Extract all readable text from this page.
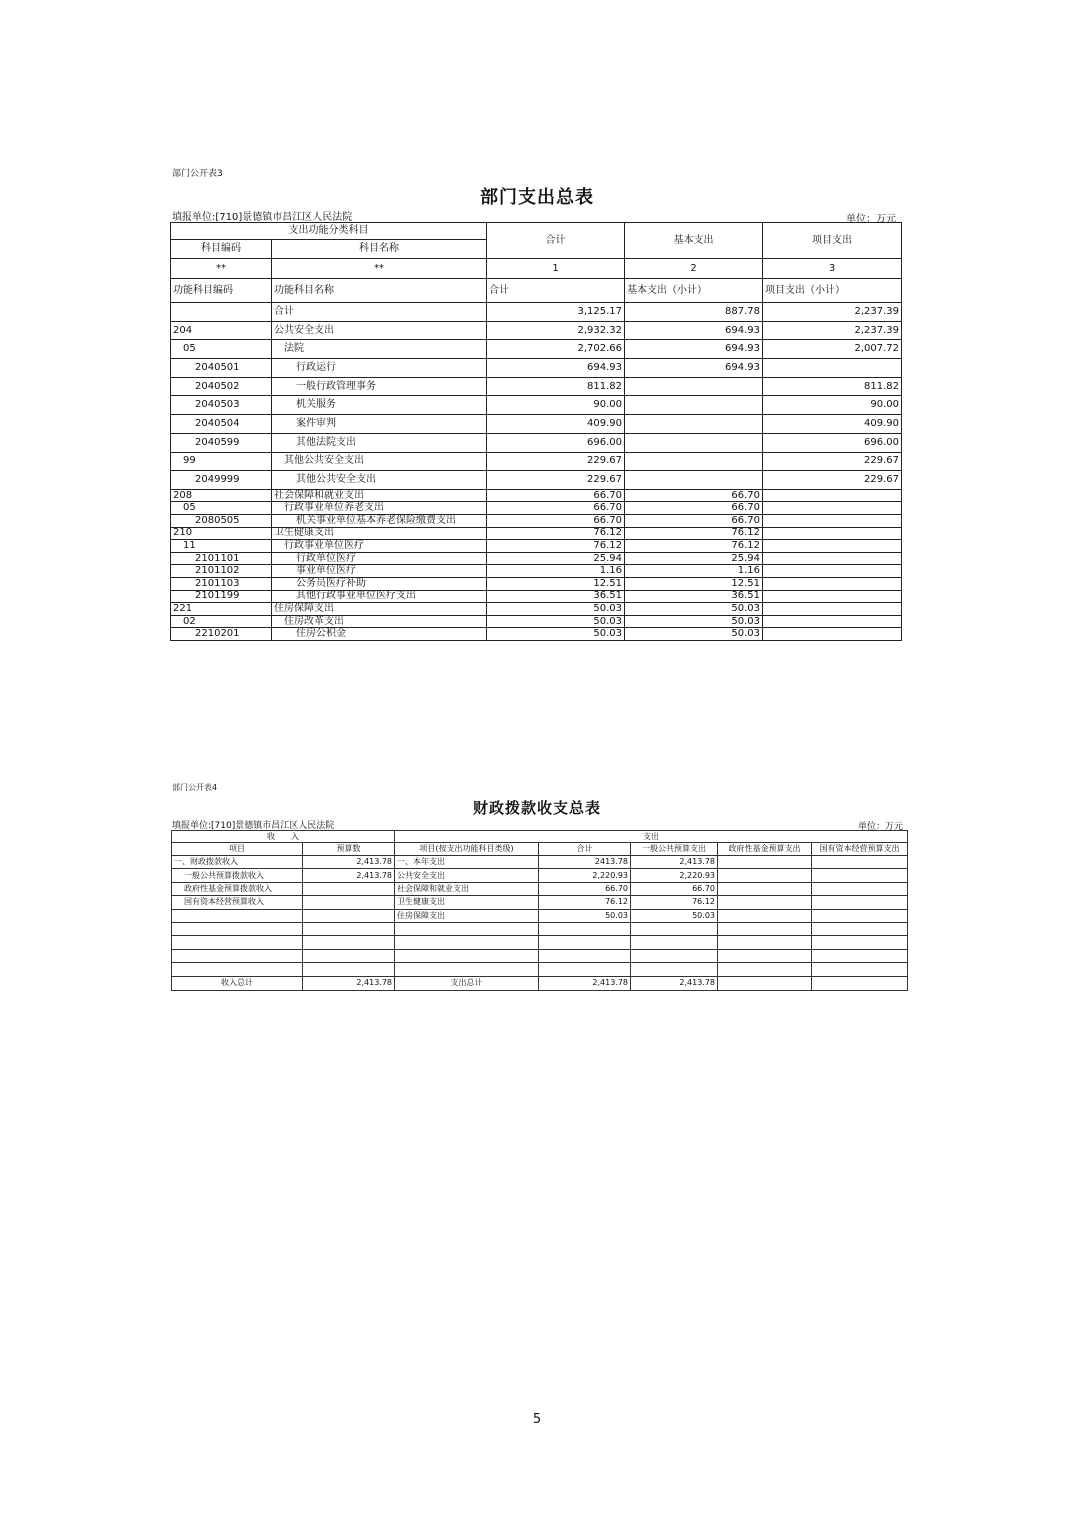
部门公开表3
部门支出总表
填报单位:[710]景德镇市昌江区人民法院	单位：万元
支出功能分类科目		合计	基本支出	项目支出
科目编码	科目名称			
**	**	1	2	3
功能科目编码	功能科目名称	合计	基本支出（小计）	项目支出（小计）
	合计	3,125.17	887.78	2,237.39
204	公共安全支出	2,932.32	694.93	2,237.39
05	法院	2,702.66	694.93	2,007.72
2040501	行政运行	694.93	694.93	
2040502	一般行政管理事务	811.82		811.82
2040503	机关服务	90.00		90.00
2040504	案件审判	409.90		409.90
2040599	其他法院支出	696.00		696.00
99	其他公共安全支出	229.67		229.67
2049999	其他公共安全支出	229.67		229.67
208	社会保障和就业支出	66.70	66.70	
05	行政事业单位养老支出	66.70	66.70	
2080505	机关事业单位基本养老保险缴费支出	66.70	66.70	
210	卫生健康支出	76.12	76.12	
11	行政事业单位医疗	76.12	76.12	
2101101	行政单位医疗	25.94	25.94	
2101102	事业单位医疗	1.16	1.16	
2101103	公务员医疗补助	12.51	12.51	
2101199	其他行政事业单位医疗支出	36.51	36.51	
221	住房保障支出	50.03	50.03	
02	住房改革支出	50.03	50.03	
2210201	住房公积金	50.03	50.03	
部门公开表4
财政拨款收支总表
填报单位:[710]景德镇市昌江区人民法院	单位：万元
收　　入		支出				
项目	预算数	项目(按支出功能科目类级)	合计	一般公共预算支出	政府性基金预算支出	国有资本经营预算支出
一、财政拨款收入	2,413.78	一、本年支出	2413.78	2,413.78		
一般公共预算拨款收入	2,413.78	公共安全支出	2,220.93	2,220.93		
政府性基金预算拨款收入		社会保障和就业支出	66.70	66.70		
国有资本经营预算收入		卫生健康支出	76.12	76.12		
		住房保障支出	50.03	50.03		

收入总计	2,413.78	支出总计	2,413.78	2,413.78		
5
